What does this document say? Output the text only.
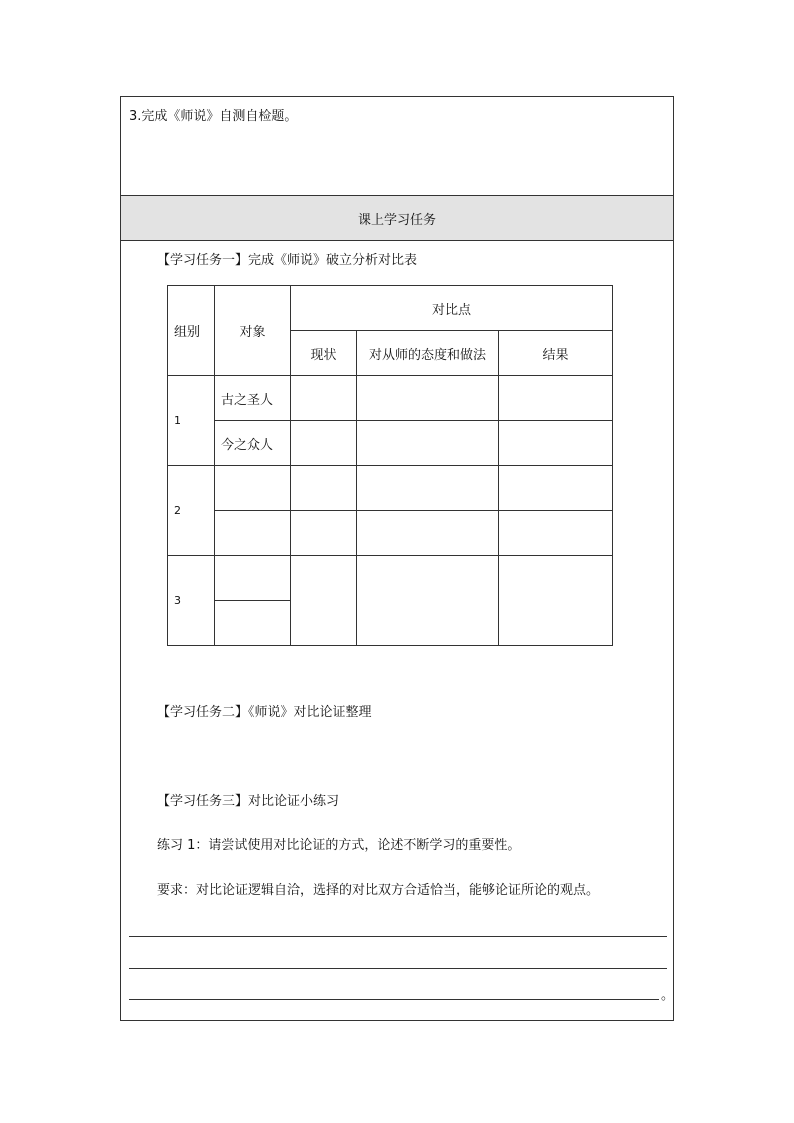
3.完成《师说》自测自检题。
课上学习任务
【学习任务一】完成《师说》破立分析对比表
组别	对象	对比点		
		现状	对从师的态度和做法	结果
1	古之圣人			
	今之众人			
2				

3				

【学习任务二】《师说》对比论证整理
【学习任务三】对比论证小练习
练习 1：请尝试使用对比论证的方式，论述不断学习的重要性。
要求：对比论证逻辑自洽，选择的对比双方合适恰当，能够论证所论的观点。
。
